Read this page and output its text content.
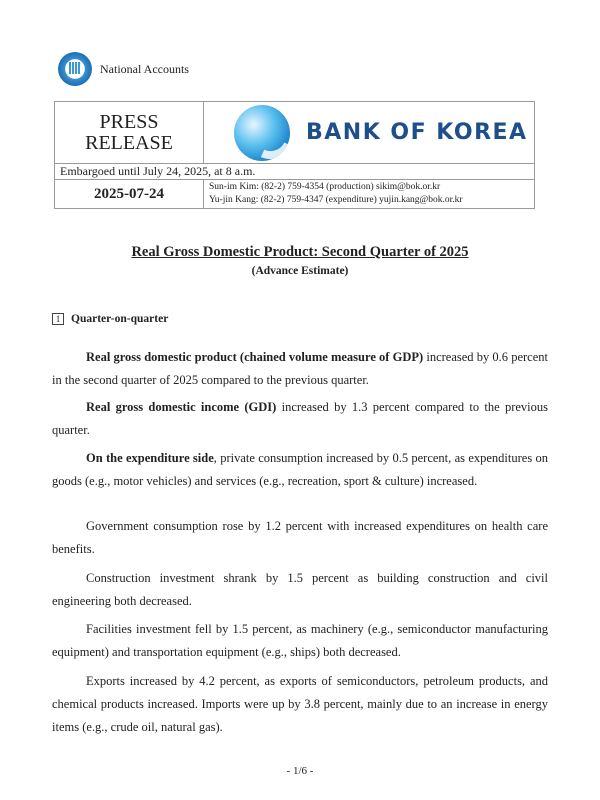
National Accounts
PRESS RELEASE	BANK OF KOREA

Embargoed until July 24, 2025, at 8 a.m.	
2025-07-24	Sun-im Kim: (82-2) 759-4354 (production) sikim@bok.or.kr
Yu-jin Kang: (82-2) 759-4347 (expenditure) yujin.kang@bok.or.kr
Real Gross Domestic Product: Second Quarter of 2025
(Advance Estimate)
1 Quarter-on-quarter
Real gross domestic product (chained volume measure of GDP) increased by 0.6 percent in the second quarter of 2025 compared to the previous quarter.
Real gross domestic income (GDI) increased by 1.3 percent compared to the previous quarter.
On the expenditure side, private consumption increased by 0.5 percent, as expenditures on goods (e.g., motor vehicles) and services (e.g., recreation, sport & culture) increased.
Government consumption rose by 1.2 percent with increased expenditures on health care benefits.
Construction investment shrank by 1.5 percent as building construction and civil engineering both decreased.
Facilities investment fell by 1.5 percent, as machinery (e.g., semiconductor manufacturing equipment) and transportation equipment (e.g., ships) both decreased.
Exports increased by 4.2 percent, as exports of semiconductors, petroleum products, and chemical products increased. Imports were up by 3.8 percent, mainly due to an increase in energy items (e.g., crude oil, natural gas).
- 1/6 -
